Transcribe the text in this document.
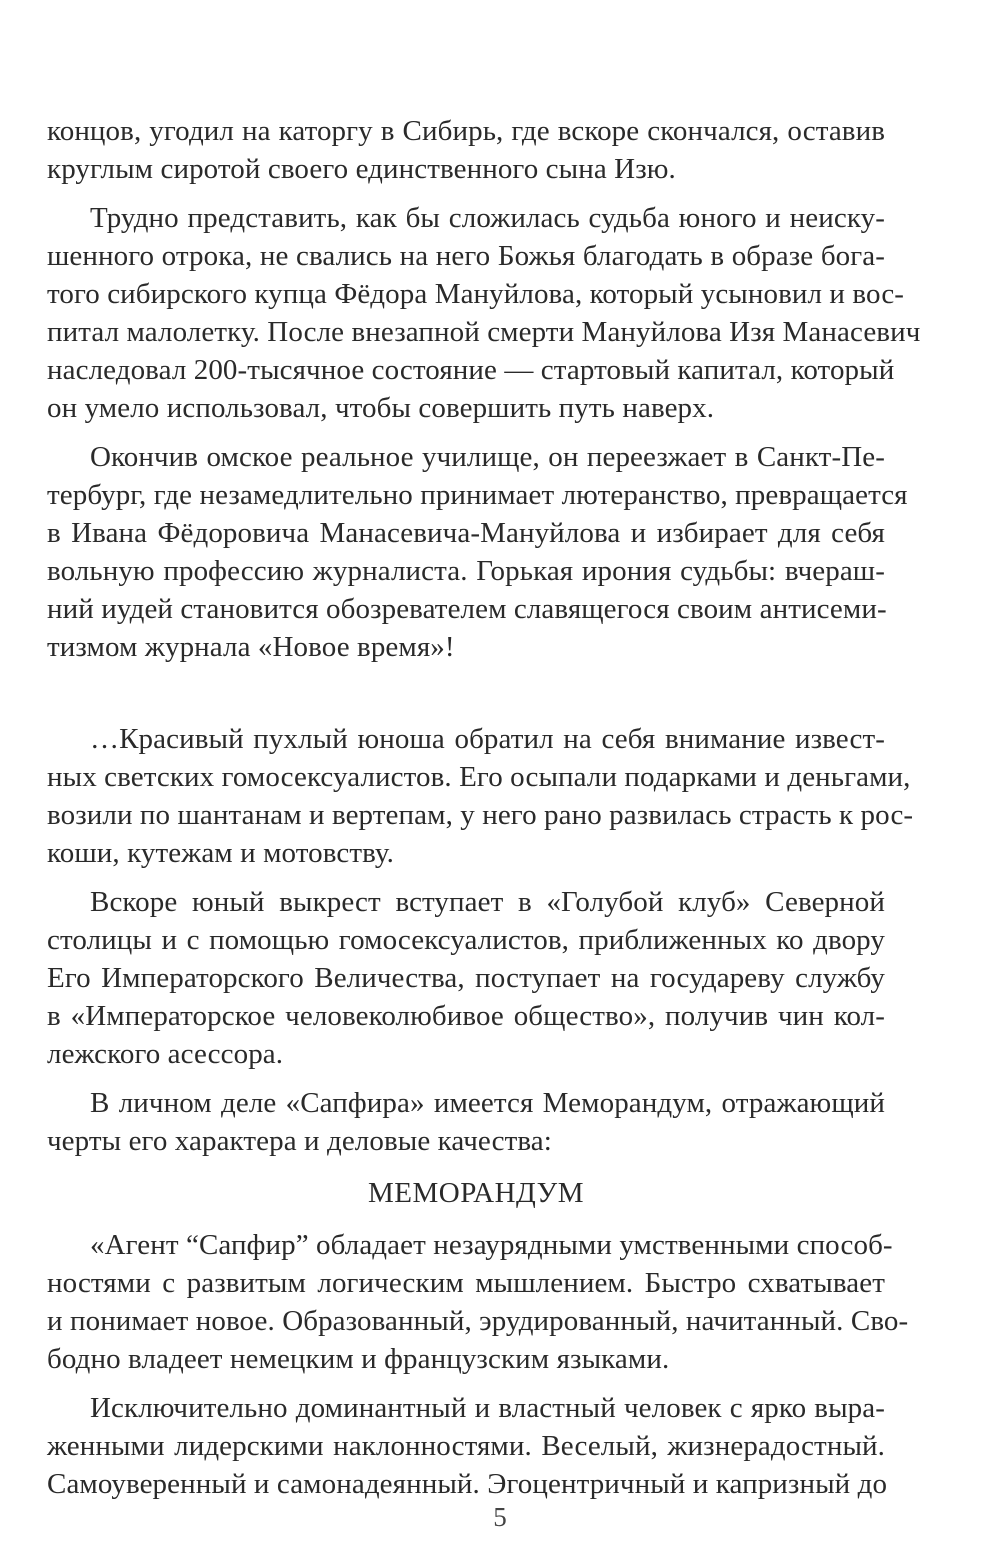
концов, угодил на каторгу в Сибирь, где вскоре скончался, оставив
круглым сиротой своего единственного сына Изю.
Трудно представить, как бы сложилась судьба юного и неиску-
шенного отрока, не свались на него Божья благодать в образе бога-
того сибирского купца Фёдора Мануйлова, который усыновил и вос-
питал малолетку. После внезапной смерти Мануйлова Изя Манасевич
наследовал 200-тысячное состояние — стартовый капитал, который
он умело использовал, чтобы совершить путь наверх.
Окончив омское реальное училище, он переезжает в Санкт-Пе-
тербург, где незамедлительно принимает лютеранство, превращается
в Ивана Фёдоровича Манасевича-Мануйлова и избирает для себя
вольную профессию журналиста. Горькая ирония судьбы: вчераш-
ний иудей становится обозревателем славящегося своим антисеми-
тизмом журнала «Новое время»!
…Красивый пухлый юноша обратил на себя внимание извест-
ных светских гомосексуалистов. Его осыпали подарками и деньгами,
возили по шантанам и вертепам, у него рано развилась страсть к рос-
коши, кутежам и мотовству.
Вскоре юный выкрест вступает в «Голубой клуб» Северной
столицы и с помощью гомосексуалистов, приближенных ко двору
Его Императорского Величества, поступает на государеву службу
в «Императорское человеколюбивое общество», получив чин кол-
лежского асессора.
В личном деле «Сапфира» имеется Меморандум, отражающий
черты его характера и деловые качества:
МЕМОРАНДУМ
«Агент “Сапфир” обладает незаурядными умственными способ-
ностями с развитым логическим мышлением. Быстро схватывает
и понимает новое. Образованный, эрудированный, начитанный. Сво-
бодно владеет немецким и французским языками.
Исключительно доминантный и властный человек с ярко выра-
женными лидерскими наклонностями. Веселый, жизнерадостный.
Самоуверенный и самонадеянный. Эгоцентричный и капризный до
5
